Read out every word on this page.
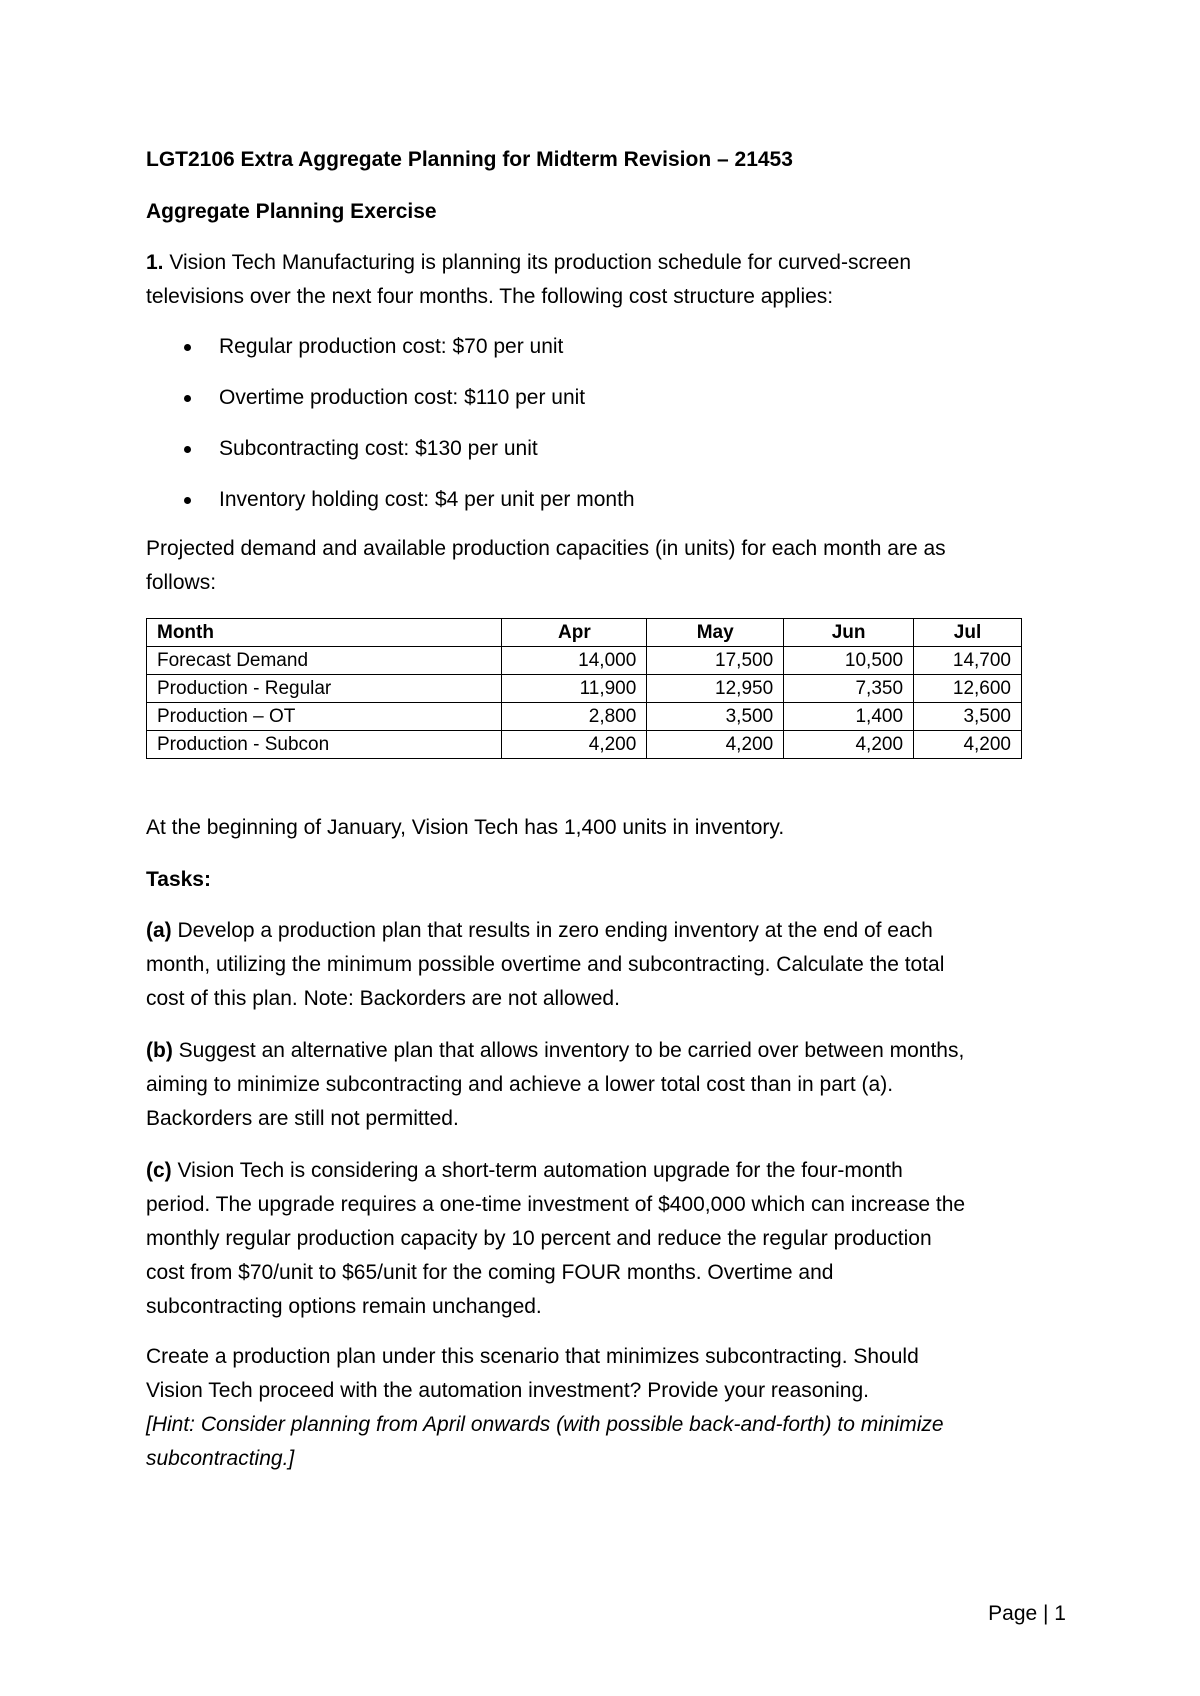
LGT2106 Extra Aggregate Planning for Midterm Revision – 21453

Aggregate Planning Exercise

1. Vision Tech Manufacturing is planning its production schedule for curved-screen

televisions over the next four months. The following cost structure applies:

Regular production cost: $70 per unit
Overtime production cost: $110 per unit
Subcontracting cost: $130 per unit
Inventory holding cost: $4 per unit per month

Projected demand and available production capacities (in units) for each month are as

follows:

Month	Apr	May	Jun	Jul
Forecast Demand	14,000	17,500	10,500	14,700
Production - Regular	11,900	12,950	7,350	12,600
Production – OT	2,800	3,500	1,400	3,500
Production - Subcon	4,200	4,200	4,200	4,200

At the beginning of January, Vision Tech has 1,400 units in inventory.

Tasks:

(a) Develop a production plan that results in zero ending inventory at the end of each

month, utilizing the minimum possible overtime and subcontracting. Calculate the total

cost of this plan. Note: Backorders are not allowed.

(b) Suggest an alternative plan that allows inventory to be carried over between months,

aiming to minimize subcontracting and achieve a lower total cost than in part (a).

Backorders are still not permitted.

(c) Vision Tech is considering a short-term automation upgrade for the four-month

period. The upgrade requires a one-time investment of $400,000 which can increase the

monthly regular production capacity by 10 percent and reduce the regular production

cost from $70/unit to $65/unit for the coming FOUR months. Overtime and

subcontracting options remain unchanged.

Create a production plan under this scenario that minimizes subcontracting. Should

Vision Tech proceed with the automation investment? Provide your reasoning.

[Hint: Consider planning from April onwards (with possible back-and-forth) to minimize

subcontracting.]

Page | 1
